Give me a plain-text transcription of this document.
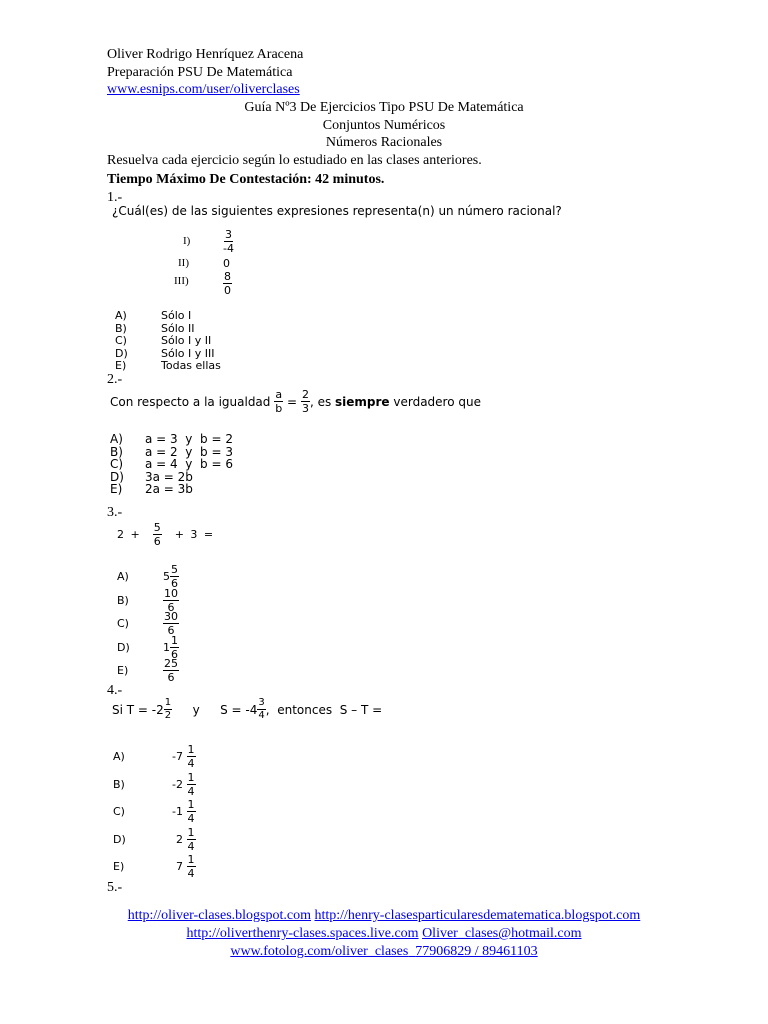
Oliver Rodrigo Henríquez Aracena
Preparación PSU De Matemática
www.esnips.com/user/oliverclases
Guía Nº3 De Ejercicios Tipo PSU De Matemática
Conjuntos Numéricos
Números Racionales
Resuelva cada ejercicio según lo estudiado en las clases anteriores.
Tiempo Máximo De Contestación: 42 minutos.
1.-
¿Cuál(es) de las siguientes expresiones representa(n) un número racional?
I)	$\frac{3}{-4}$
II)	0
III)	$\frac{8}{0}$
A)	Sólo I
B)	Sólo II
C)	Sólo I y II
D)	Sólo I y III
E)	Todas ellas
2.-
Con respecto a la igualdad
$\frac{a}{b}$
=
$\frac{2}{3}$ , es siempre verdadero que
A) a = 3  y  b = 2
B) a = 2  y  b = 3
C) a = 4  y  b = 6
D) 3a = 2b
E) 2a = 3b
3.-
2 +
$\frac{5}{6}$
+ 3 =
A)	$5 \frac{5}{6}$
B)	$\frac{10}{6}$
C)	$\frac{30}{6}$
D)	$1 \frac{1}{6}$
E)	$\frac{25}{6}$
4.-
Si $T = -2 \frac{1}{2}$	y	$S = -4 \frac{3}{4}$ ,  entonces  S – T =
A)	-7
$\frac{1}{4}$
B)	-2
$\frac{1}{4}$
C)	-1
$\frac{1}{4}$
D)	2
$\frac{1}{4}$
E)	7
$\frac{1}{4}$
5.-
http://oliver-clases.blogspot.com http://henry-clasesparticularesdematematica.blogspot.com
http://oliverthenry-clases.spaces.live.com Oliver_clases@hotmail.com
www.fotolog.com/oliver_clases 77906829 / 89461103
